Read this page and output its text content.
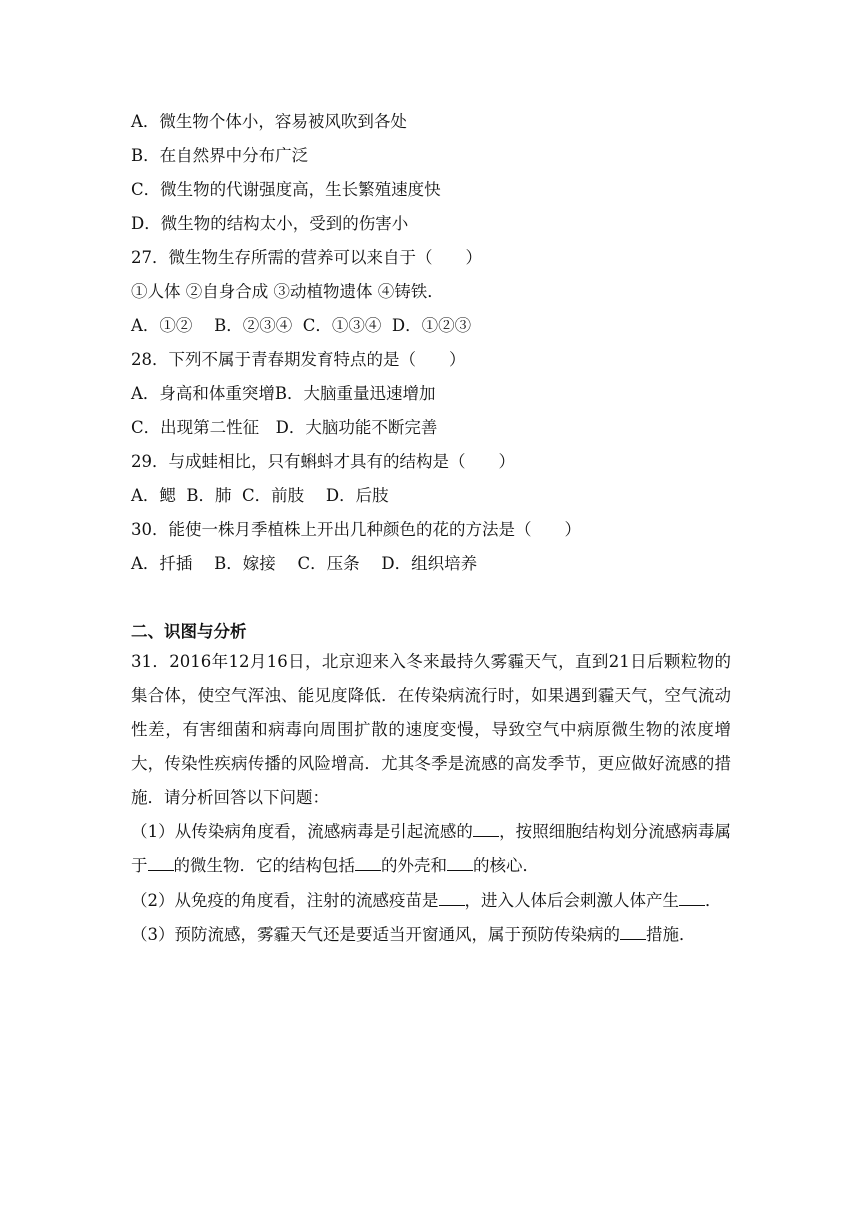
A．微生物个体小，容易被风吹到各处
B．在自然界中分布广泛
C．微生物的代谢强度高，生长繁殖速度快
D．微生物的结构太小，受到的伤害小
27．微生物生存所需的营养可以来自于（　　）
①人体 ②自身合成 ③动植物遗体 ④铸铁．
A．①②　 B．②③④  C．①③④  D．①②③
28．下列不属于青春期发育特点的是（　　）
A．身高和体重突增B．大脑重量迅速增加
C．出现第二性征　D．大脑功能不断完善
29．与成蛙相比，只有蝌蚪才具有的结构是（　　）
A．鳃  B．肺  C．前肢　 D．后肢
30．能使一株月季植株上开出几种颜色的花的方法是（　　）
A．扦插　 B．嫁接　 C．压条　 D．组织培养
二、识图与分析
31．2016年12月16日，北京迎来入冬来最持久雾霾天气，直到21日后颗粒物的集合体，使空气浑浊、能见度降低．在传染病流行时，如果遇到霾天气，空气流动性差，有害细菌和病毒向周围扩散的速度变慢，导致空气中病原微生物的浓度增大，传染性疾病传播的风险增高．尤其冬季是流感的高发季节，更应做好流感的措施．请分析回答以下问题：
（1）从传染病角度看，流感病毒是引起流感的 ，按照细胞结构划分流感病毒属于 的微生物．它的结构包括 的外壳和 的核心．
（2）从免疫的角度看，注射的流感疫苗是 ，进入人体后会刺激人体产生 ．
（3）预防流感，雾霾天气还是要适当开窗通风，属于预防传染病的 措施．
